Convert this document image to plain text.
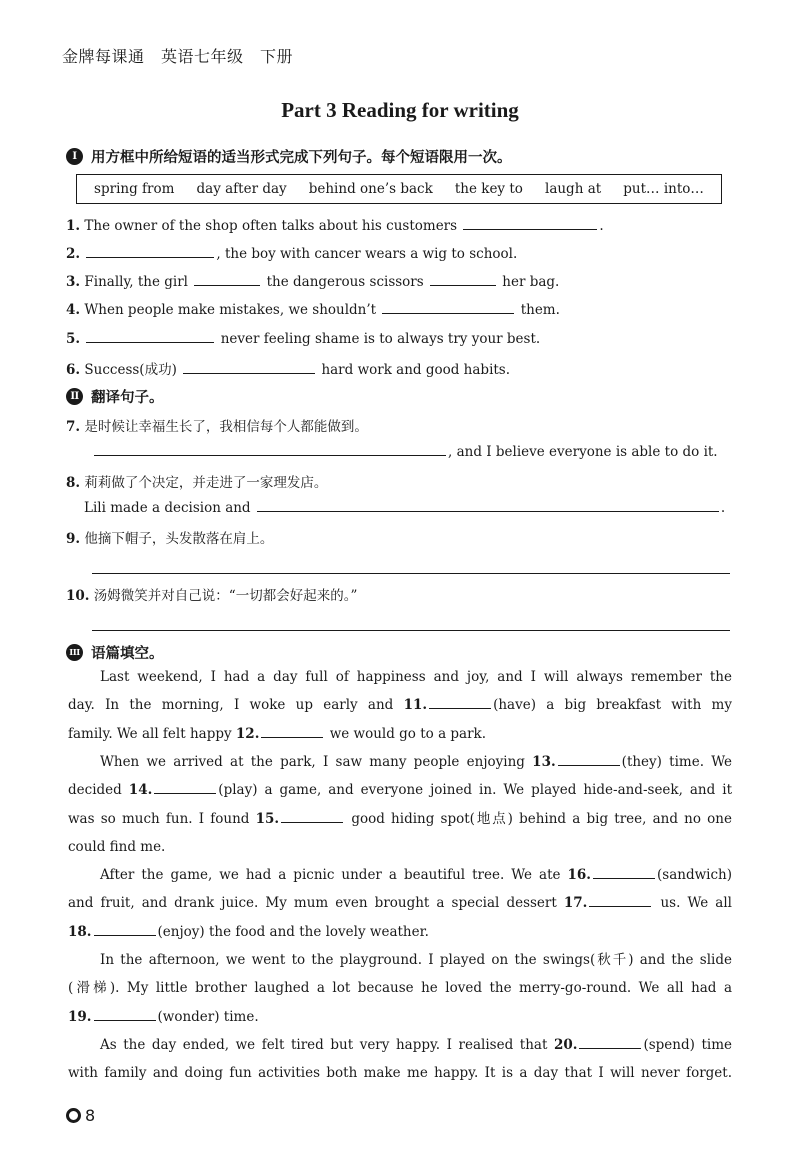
金牌每课通　英语七年级　下册
Part 3 Reading for writing
I 用方框中所给短语的适当形式完成下列句子。每个短语限用一次。
spring from day after day behind one’s back the key to laugh at put… into…
1. The owner of the shop often talks about his customers	.
2.	, the boy with cancer wears a wig to school.
3. Finally, the girl	the dangerous scissors	her bag.
4. When people make mistakes, we shouldn’t	them.
5.	never feeling shame is to always try your best.
6. Success(成功)	hard work and good habits.
II 翻译句子。
7. 是时候让幸福生长了，我相信每个人都能做到。
, and I believe everyone is able to do it.
8. 莉莉做了个决定，并走进了一家理发店。
Lili made a decision and	.
9. 他摘下帽子，头发散落在肩上。
10. 汤姆微笑并对自己说：“一切都会好起来的。”
III 语篇填空。
Last weekend, I had a day full of happiness and joy, and I will always remember the
day. In the morning, I woke up early and 11.	(have) a big breakfast with my
family. We all felt happy 12.	we would go to a park.
When we arrived at the park, I saw many people enjoying 13.	(they) time. We
decided 14.	(play) a game, and everyone joined in. We played hide-and-seek, and it
was so much fun. I found 15.	good hiding spot(地点) behind a big tree, and no one
could find me.
After the game, we had a picnic under a beautiful tree. We ate 16.	(sandwich)
and fruit, and drank juice. My mum even brought a special dessert 17.	us. We all
18.	(enjoy) the food and the lovely weather.
In the afternoon, we went to the playground. I played on the swings(秋千) and the slide
(滑梯). My little brother laughed a lot because he loved the merry-go-round. We all had a
19.	(wonder) time.
As the day ended, we felt tired but very happy. I realised that 20.	(spend) time
with family and doing fun activities both make me happy. It is a day that I will never forget.
8
